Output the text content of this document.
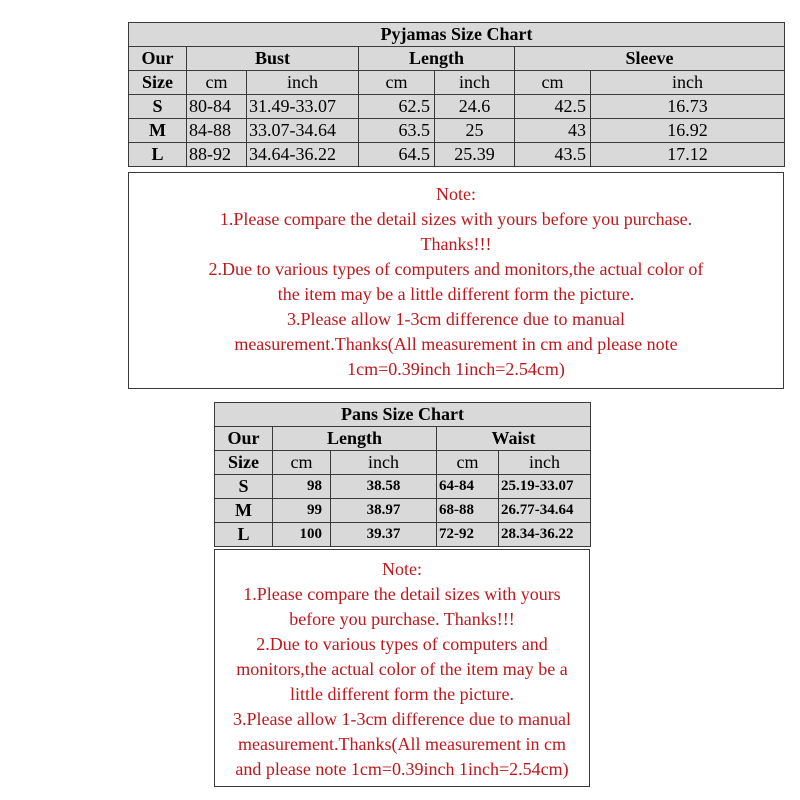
Pyjamas Size Chart						
Our	Bust		Length		Sleeve	
Size	cm	inch	cm	inch	cm	inch
S	80-84	31.49-33.07	62.5	24.6	42.5	16.73
M	84-88	33.07-34.64	63.5	25	43	16.92
L	88-92	34.64-36.22	64.5	25.39	43.5	17.12
Note:
1.Please compare the detail sizes with yours before you purchase.
Thanks!!!
2.Due to various types of computers and monitors,the actual color of
the item may be a little different form the picture.
3.Please allow 1-3cm difference due to manual
measurement.Thanks(All measurement in cm and please note
1cm=0.39inch 1inch=2.54cm)
Pans Size Chart				
Our	Length		Waist	
Size	cm	inch	cm	inch
S	98	38.58	64-84	25.19-33.07
M	99	38.97	68-88	26.77-34.64
L	100	39.37	72-92	28.34-36.22
Note:
1.Please compare the detail sizes with yours
before you purchase. Thanks!!!
2.Due to various types of computers and
monitors,the actual color of the item may be a
little different form the picture.
3.Please allow 1-3cm difference due to manual
measurement.Thanks(All measurement in cm
and please note 1cm=0.39inch 1inch=2.54cm)
